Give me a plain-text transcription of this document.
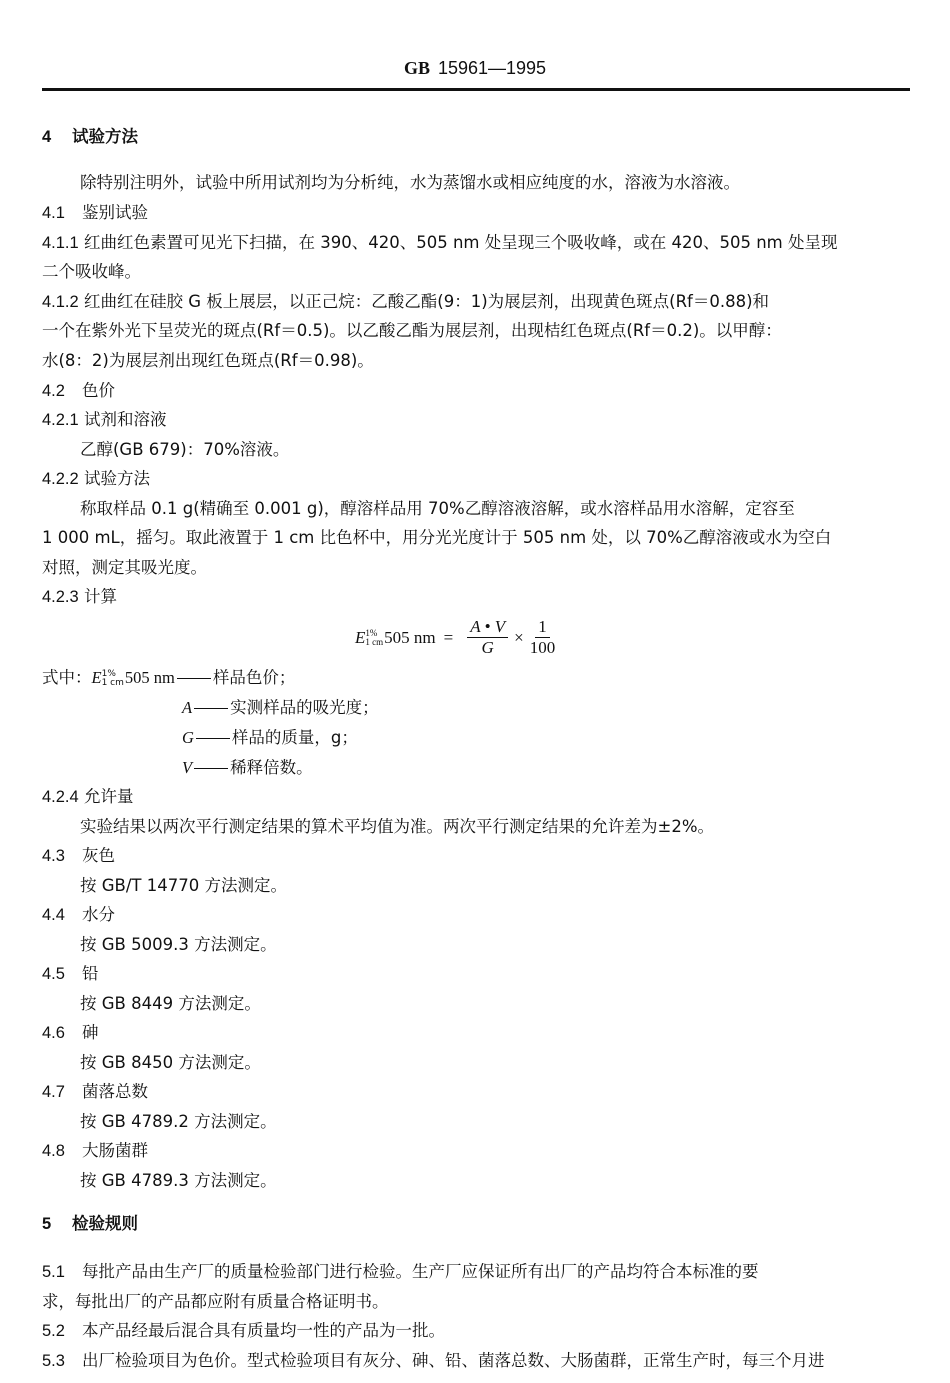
GB 15961—1995
4 试验方法
除特别注明外，试验中所用试剂均为分析纯，水为蒸馏水或相应纯度的水，溶液为水溶液。
4.1 鉴别试验
4.1.1 红曲红色素置可见光下扫描，在 390、420、505 nm 处呈现三个吸收峰，或在 420、505 nm 处呈现
二个吸收峰。
4.1.2 红曲红在硅胶 G 板上展层，以正己烷：乙酸乙酯(9：1)为展层剂，出现黄色斑点(Rf＝0.88)和
一个在紫外光下呈荧光的斑点(Rf＝0.5)。以乙酸乙酯为展层剂，出现桔红色斑点(Rf＝0.2)。以甲醇：
水(8：2)为展层剂出现红色斑点(Rf＝0.98)。
4.2 色价
4.2.1 试剂和溶液
乙醇(GB 679)：70%溶液。
4.2.2 试验方法
称取样品 0.1 g(精确至 0.001 g)，醇溶样品用 70%乙醇溶液溶解，或水溶样品用水溶解，定容至
1 000 mL，摇匀。取此液置于 1 cm 比色杯中，用分光光度计于 505 nm 处，以 70%乙醇溶液或水为空白
对照，测定其吸光度。
4.2.3 计算
E 1%
1 cm 505 nm = $\frac{A • V}{G} \times \frac{1}{100}$
式中：E 1%
1 cm 505 nm 样品色价；
A 实测样品的吸光度；
G 样品的质量，g；
V 稀释倍数。
4.2.4 允许量
实验结果以两次平行测定结果的算术平均值为准。两次平行测定结果的允许差为±2%。
4.3 灰色
按 GB/T 14770 方法测定。
4.4 水分
按 GB 5009.3 方法测定。
4.5 铅
按 GB 8449 方法测定。
4.6 砷
按 GB 8450 方法测定。
4.7 菌落总数
按 GB 4789.2 方法测定。
4.8 大肠菌群
按 GB 4789.3 方法测定。
5 检验规则
5.1 每批产品由生产厂的质量检验部门进行检验。生产厂应保证所有出厂的产品均符合本标准的要
求，每批出厂的产品都应附有质量合格证明书。
5.2 本产品经最后混合具有质量均一性的产品为一批。
5.3 出厂检验项目为色价。型式检验项目有灰分、砷、铅、菌落总数、大肠菌群，正常生产时，每三个月进
